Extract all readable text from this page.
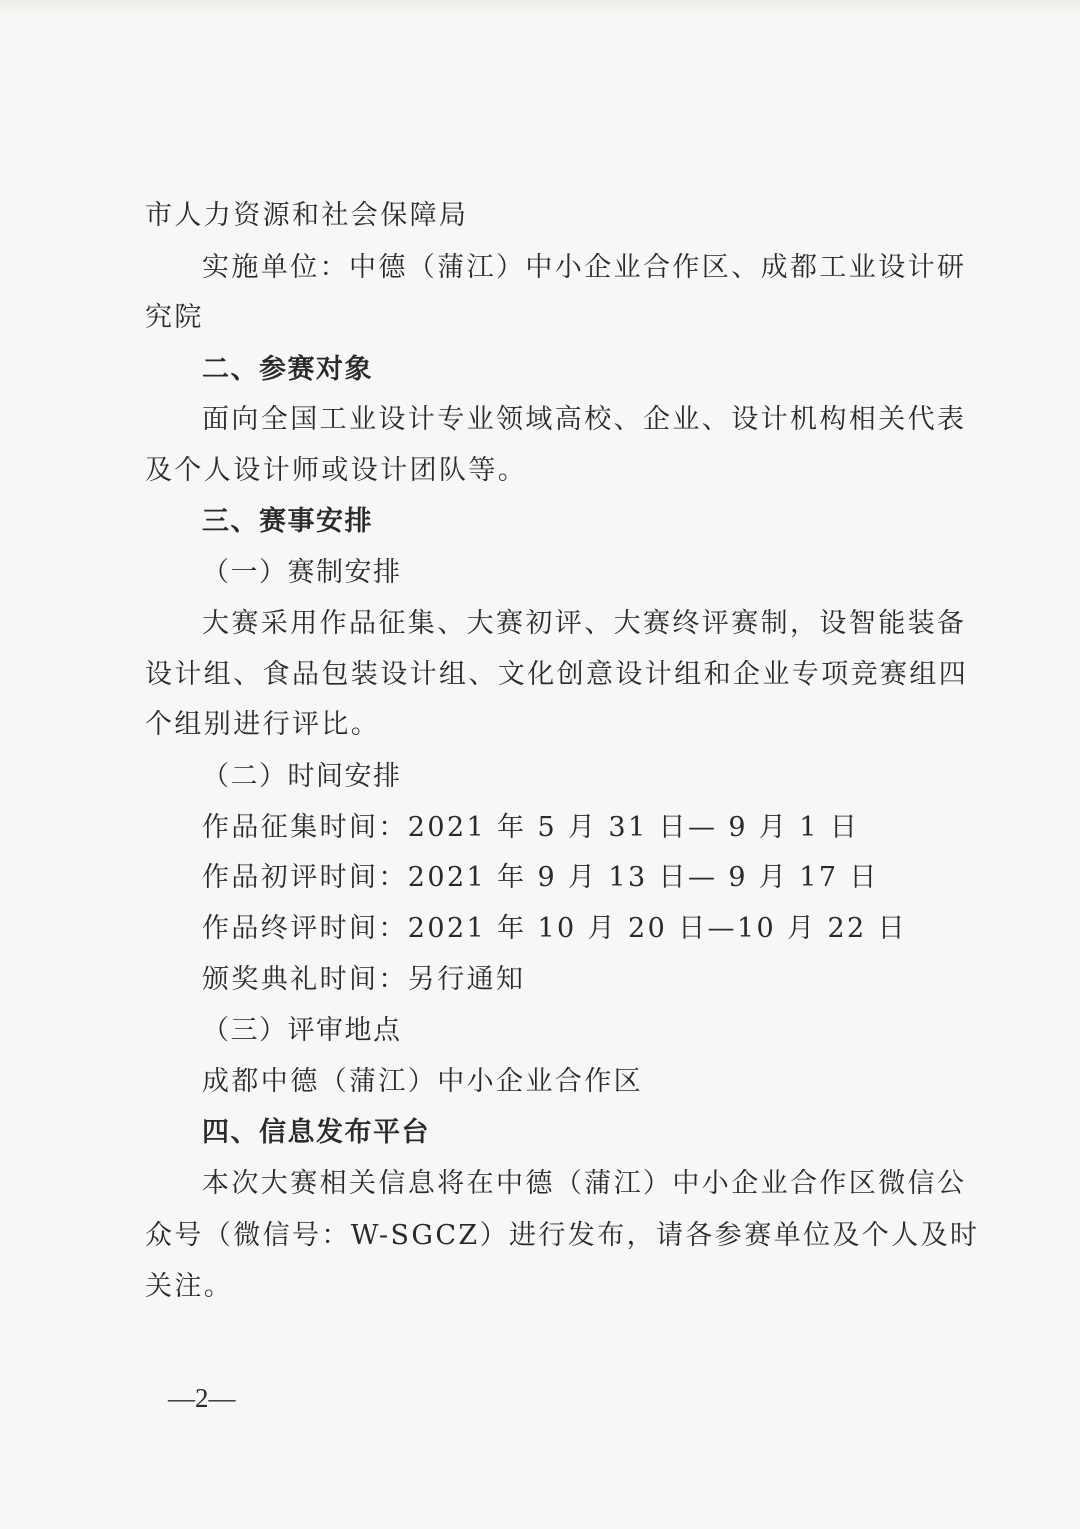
市人力资源和社会保障局
实施单位：中德（蒲江）中小企业合作区、成都工业设计研
究院
二、参赛对象
面向全国工业设计专业领域高校、企业、设计机构相关代表
及个人设计师或设计团队等。
三、赛事安排
（一）赛制安排
大赛采用作品征集、大赛初评、大赛终评赛制，设智能装备
设计组、食品包装设计组、文化创意设计组和企业专项竞赛组四
个组别进行评比。
（二）时间安排
作品征集时间：2021 年 5 月 31 日— 9 月 1 日
作品初评时间：2021 年 9 月 13 日— 9 月 17 日
作品终评时间：2021 年 10 月 20 日—10 月 22 日
颁奖典礼时间：另行通知
（三）评审地点
成都中德（蒲江）中小企业合作区
四、信息发布平台
本次大赛相关信息将在中德（蒲江）中小企业合作区微信公
众号（微信号：W-SGCZ）进行发布，请各参赛单位及个人及时
关注。
—2—
